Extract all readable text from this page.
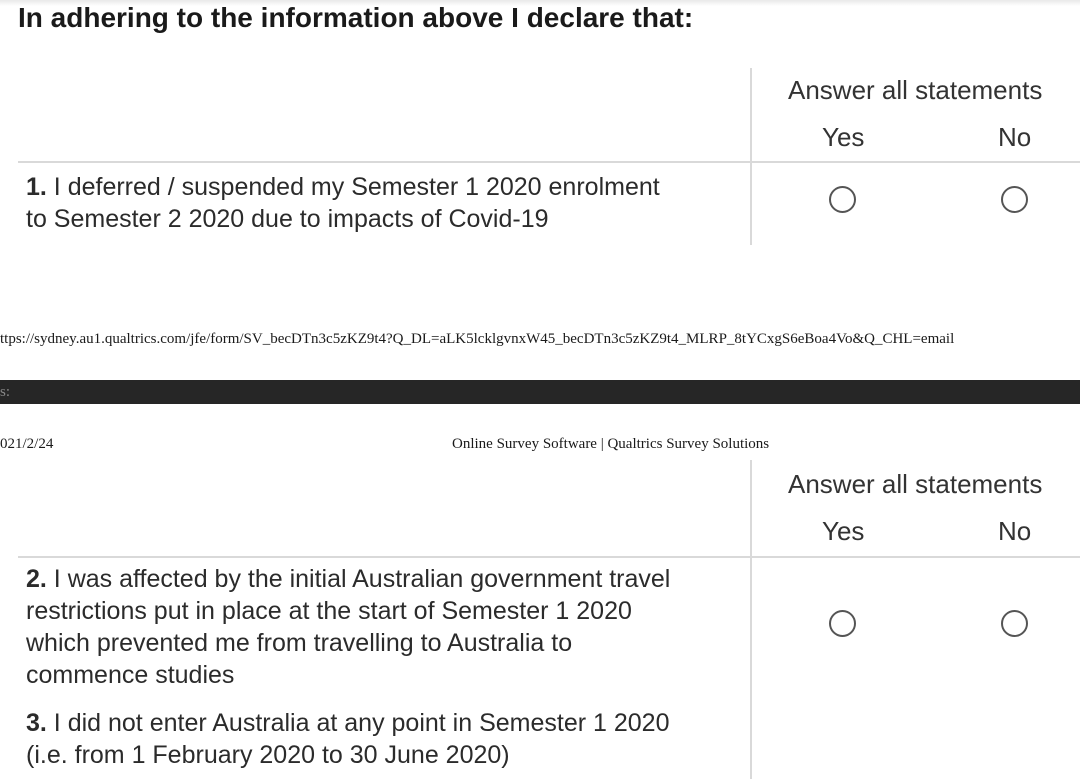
In adhering to the information above I declare that:
Answer all statements
Yes	No
1. I deferred / suspended my Semester 1 2020 enrolment
to Semester 2 2020 due to impacts of Covid-19
ttps://sydney.au1.qualtrics.com/jfe/form/SV_becDTn3c5zKZ9t4?Q_DL=aLK5lcklgvnxW45_becDTn3c5zKZ9t4_MLRP_8tYCxgS6eBoa4Vo&Q_CHL=email
s:
021/2/24	Online Survey Software | Qualtrics Survey Solutions
Answer all statements
Yes	No
2. I was affected by the initial Australian government travel
restrictions put in place at the start of Semester 1 2020
which prevented me from travelling to Australia to
commence studies
3. I did not enter Australia at any point in Semester 1 2020
(i.e. from 1 February 2020 to 30 June 2020)
